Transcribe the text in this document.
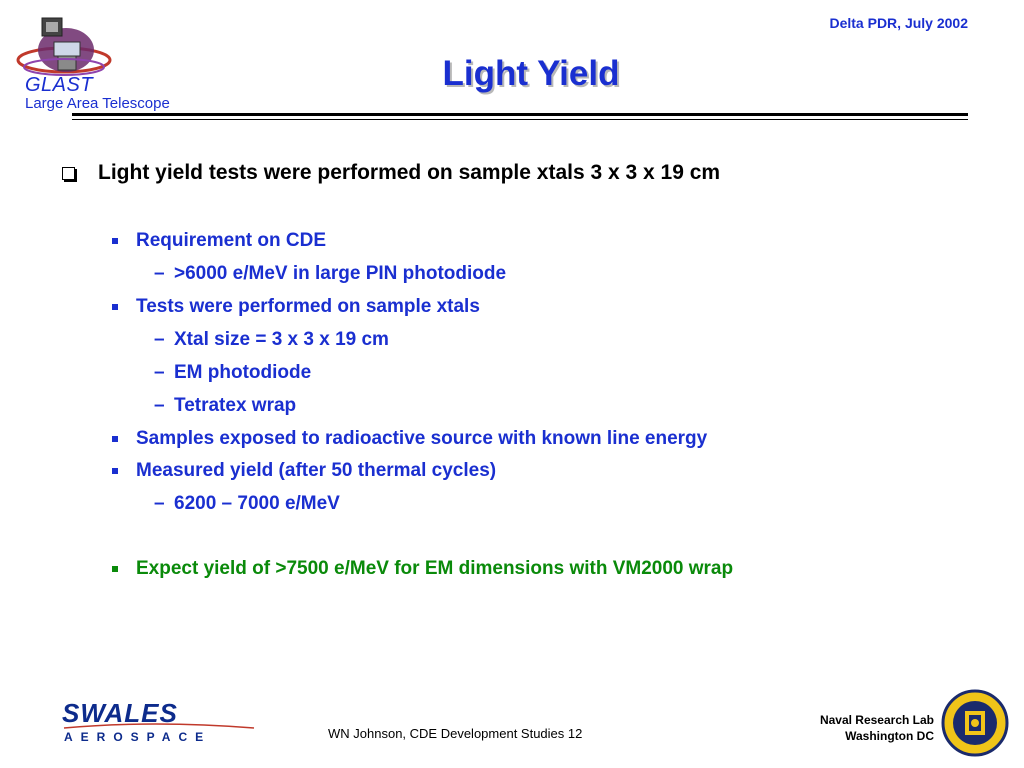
GLAST
Large Area Telescope
Delta PDR, July 2002
Light Yield
Light yield tests were performed on sample xtals 3 x 3 x 19 cm
Requirement on CDE
– >6000 e/MeV in large PIN photodiode
Tests were performed on sample xtals
– Xtal size = 3 x 3 x 19 cm
– EM photodiode
– Tetratex wrap
Samples exposed to radioactive source with known line energy
Measured yield (after 50 thermal cycles)
– 6200 – 7000 e/MeV
Expect yield of >7500 e/MeV for EM dimensions with VM2000 wrap
SWALES
AEROSPACE	WN Johnson, CDE Development Studies 12
Naval Research Lab
Washington DC
